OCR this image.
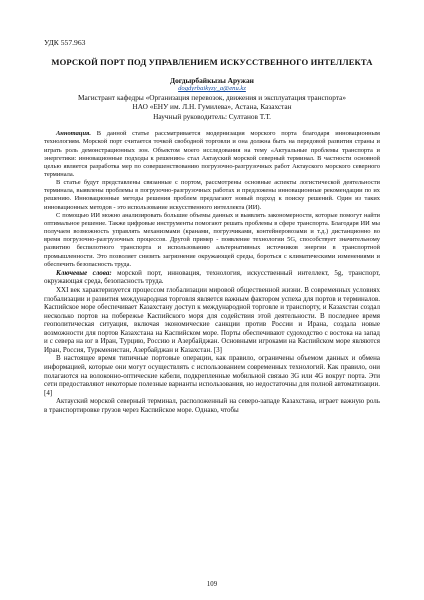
УДК 557.963

МОРСКОЙ ПОРТ ПОД УПРАВЛЕНИЕМ ИСКУССТВЕННОГО ИНТЕЛЛЕКТА

Догдырбайкызы Аружан

dogdyrbaikyzy_a@enu.kz

Магистрант кафедры «Организация перевозок, движения и эксплуатация транспорта»

НАО «ЕНУ им. Л.Н. Гумилева», Астана, Казахстан

Научный руководитель: Султанов Т.Т.

Аннотация. В данной статье рассматривается модернизация морского порта благодаря инновационным технологиям. Морской порт считается точкой свободной торговли и она должна быть на передовой развития страны и играть роль демонстрационных зон. Объектом моего исследования на тему «Актуальные проблемы транспорта и энергетики: инновационные подходы к решению» стал Актауский морской северный терминал. В частности основной целью является разработка мер по совершенствованию погрузочно-разгрузочных работ Актауского морского северного терминала.

В статье будут представлены связанные с портом, рассмотрены основные аспекты логистической деятельности терминала, выявлены проблемы в погрузочно-разгрузочных работах и предложены инновационные рекомендации по их решению. Инновационные методы решения проблем предлагают новый подход к поиску решений. Один из таких инновационных методов - это использование искусственного интеллекта (ИИ).

С помощью ИИ можно анализировать большие объемы данных и выявлять закономерности, которые помогут найти оптимальное решение. Также цифровые инструменты помогают решать проблемы в сфере транспорта. Благодаря ИИ мы получаем возможность управлять механизмами (кранами, погрузчиками, контейнеровозами и т.д.) дистанционно во время погрузочно-разгрузочных процессов. Другой пример - появление технологии 5G, способствует значительному развитию беспилотного транспорта и использованию альтернативных источников энергии в транспортной промышленности. Это позволяет снизить загрязнение окружающей среды, бороться с климатическими изменениями и обеспечить безопасность труда.

Ключевые слова: морской порт, инновация, технология, искусственный интеллект, 5g, транспорт, окружающая среда, безопасность труда.

XXI век характеризуется процессом глобализации мировой общественной жизни. В современных условиях глобализации и развития международная торговля является важным фактором успеха для портов и терминалов. Каспийское море обеспечивает Казахстану доступ к международной торговле и транспорту, и Казахстан создал несколько портов на побережье Каспийского моря для содействия этой деятельности. В последнее время геополитическая ситуация, включая экономические санкции против России и Ирана, создала новые возможности для портов Казахстана на Каспийском море. Порты обеспечивают судоходство с востока на запад и с севера на юг в Иран, Турцию, Россию и Азербайджан. Основными игроками на Каспийском море являются Иран, Россия, Туркменистан, Азербайджан и Казахстан. [3]

В настоящее время типичные портовые операции, как правило, ограничены объемом данных и обмена информацией, которые они могут осуществлять с использованием современных технологий. Как правило, они полагаются на волоконно-оптические кабели, подкрепленные мобильной связью 3G или 4G вокруг порта. Эти сети предоставляют некоторые полезные варианты использования, но недостаточны для полной автоматизации. [4]

Актауский морской северный терминал, расположенный на северо-западе Казахстана, играет важную роль в транспортировке грузов через Каспийское море. Однако, чтобы

109
